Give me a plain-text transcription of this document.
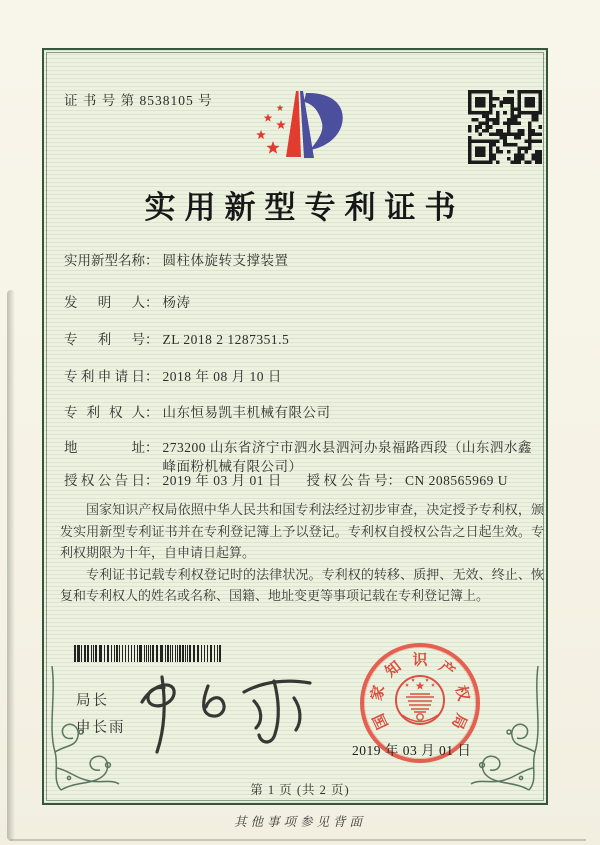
证 书 号 第 8538105 号
实用新型专利证书
实用新型名称 ： 圆柱体旋转支撑装置
发明人 ： 杨涛
专利号 ： ZL 2018 2 1287351.5
专利申请日 ： 2018 年 08 月 10 日
专利权人 ： 山东恒易凯丰机械有限公司
地址 ： 273200 山东省济宁市泗水县泗河办泉福路西段（山东泗水鑫峰面粉机械有限公司）
授权公告日 ： 2019 年 03 月 01 日	授权公告号 ： CN 208565969 U

国家知识产权局依照中华人民共和国专利法经过初步审查，决定授予专利权，颁发实用新型专利证书并在专利登记簿上予以登记。专利权自授权公告之日起生效。专利权期限为十年，自申请日起算。

专利证书记载专利权登记时的法律状况。专利权的转移、质押、无效、终止、恢复和专利权人的姓名或名称、国籍、地址变更等事项记载在专利登记簿上。

局长
申长雨	国
家
知 识 产
权
局
2019 年 03 月 01 日
第 1 页 (共 2 页)
其他事项参见背面
